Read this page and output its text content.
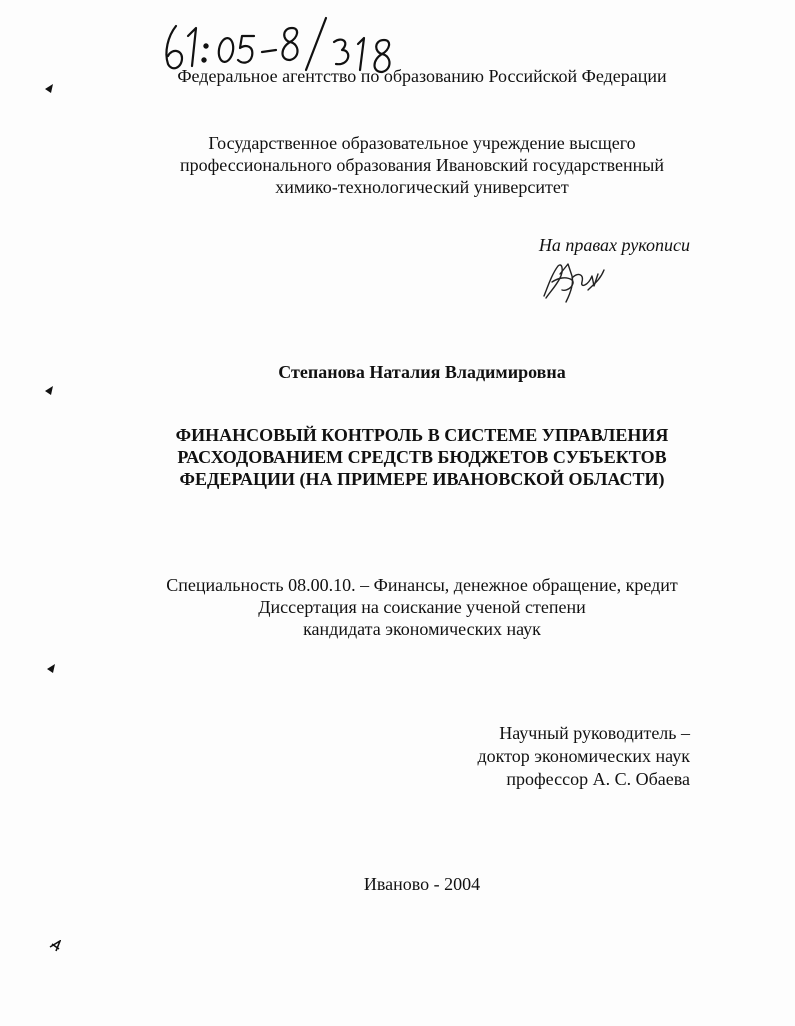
Федеральное агентство по образованию Российской Федерации
Государственное образовательное учреждение высщего
профессионального образования Ивановский государственный
химико-технологический университет
На правах рукописи
Степанова Наталия Владимировна
ФИНАНСОВЫЙ КОНТРОЛЬ В СИСТЕМЕ УПРАВЛЕНИЯ
РАСХОДОВАНИЕМ СРЕДСТВ БЮДЖЕТОВ СУБЪЕКТОВ
ФЕДЕРАЦИИ (НА ПРИМЕРЕ ИВАНОВСКОЙ ОБЛАСТИ)
Специальность 08.00.10. – Финансы, денежное обращение, кредит
Диссертация на соискание ученой степени
кандидата экономических наук
Научный руководитель –
доктор экономических наук
профессор А. С. Обаева
Иваново - 2004
